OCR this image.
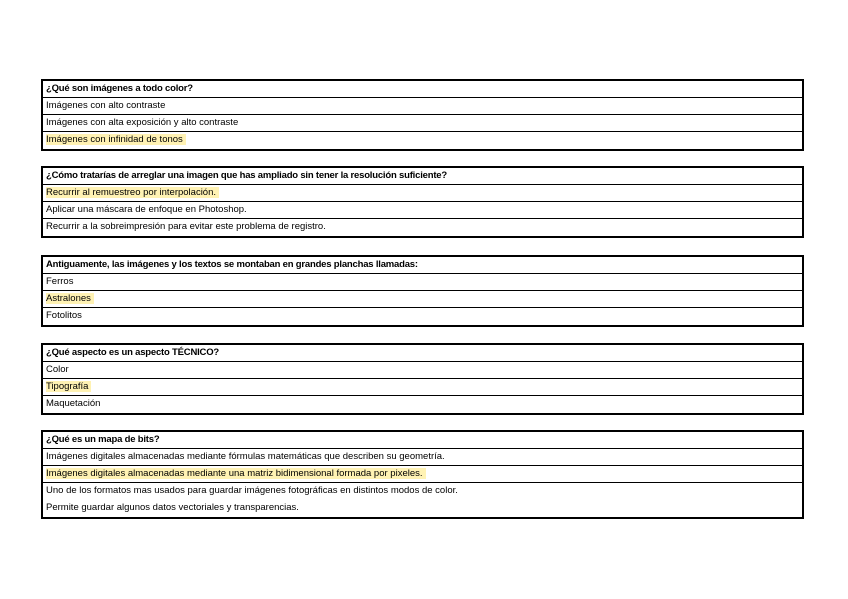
¿Qué son imágenes a todo color?
Imágenes con alto contraste
Imágenes con alta exposición y alto contraste
Imágenes con infinidad de tonos
¿Cómo tratarías de arreglar una imagen que has ampliado sin tener la resolución suficiente?
Recurrir al remuestreo por interpolación.
Aplicar una máscara de enfoque en Photoshop.
Recurrir a la sobreimpresión para evitar este problema de registro.
Antiguamente, las imágenes y los textos se montaban en grandes planchas llamadas:
Ferros
Astralones
Fotolitos
¿Qué aspecto es un aspecto TÉCNICO?
Color
Tipografía
Maquetación
¿Qué es un mapa de bits?
Imágenes digitales almacenadas mediante fórmulas matemáticas que describen su geometría.
Imágenes digitales almacenadas mediante una matriz bidimensional formada por pixeles.
Uno de los formatos mas usados para guardar imágenes fotográficas en distintos modos de color.
Permite guardar algunos datos vectoriales y transparencias.
